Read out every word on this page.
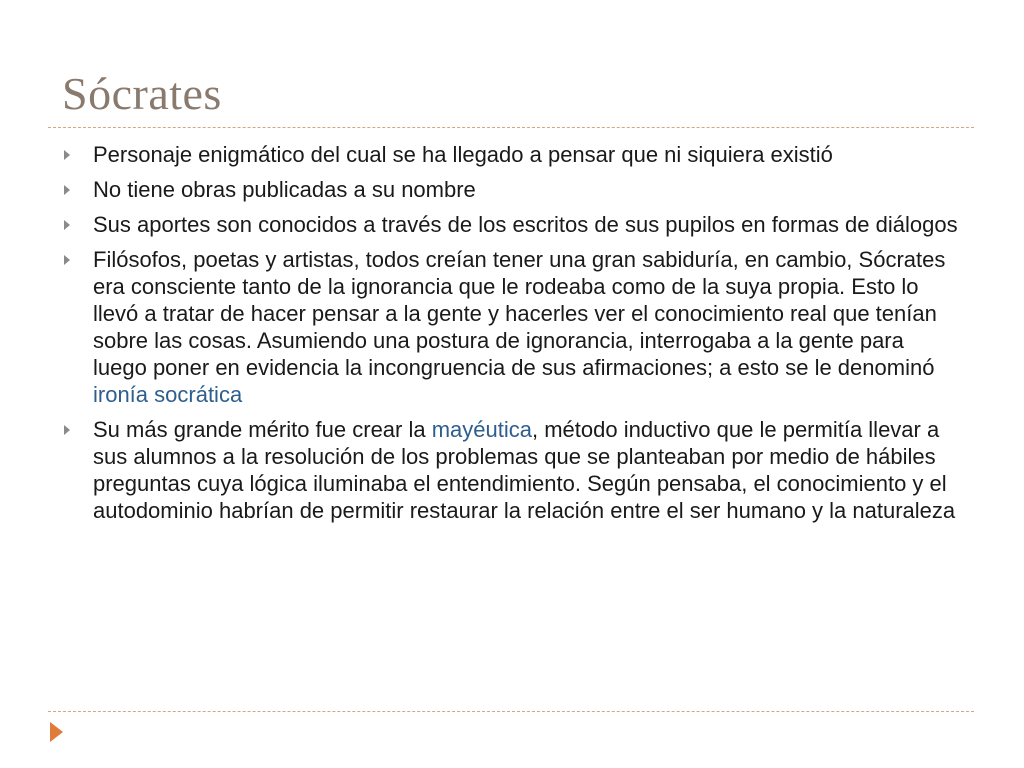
Sócrates
Personaje enigmático del cual se ha llegado a pensar que ni siquiera existió
No tiene obras publicadas a su nombre
Sus aportes son conocidos a través de los escritos de sus pupilos en formas de diálogos
Filósofos, poetas y artistas, todos creían tener una gran sabiduría, en cambio, Sócrates era consciente tanto de la ignorancia que le rodeaba como de la suya propia. Esto lo llevó a tratar de hacer pensar a la gente y hacerles ver el conocimiento real que tenían sobre las cosas. Asumiendo una postura de ignorancia, interrogaba a la gente para luego poner en evidencia la incongruencia de sus afirmaciones; a esto se le denominó ironía socrática
Su más grande mérito fue crear la mayéutica, método inductivo que le permitía llevar a sus alumnos a la resolución de los problemas que se planteaban por medio de hábiles preguntas cuya lógica iluminaba el entendimiento. Según pensaba, el conocimiento y el autodominio habrían de permitir restaurar la relación entre el ser humano y la naturaleza
